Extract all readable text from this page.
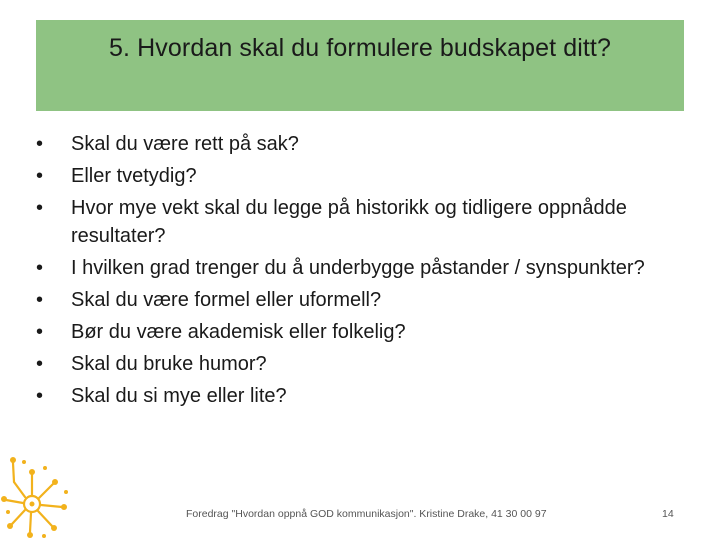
5. Hvordan skal du formulere budskapet ditt?
•	Skal du være rett på sak?
•	Eller tvetydig?
•	Hvor mye vekt skal du legge på historikk og tidligere oppnådde resultater?
•	I hvilken grad trenger du å underbygge påstander / synspunkter?
•	Skal du være formel eller uformell?
•	Bør du være akademisk eller folkelig?
•	Skal du bruke humor?
•	Skal du si mye eller lite?
Foredrag "Hvordan oppnå GOD kommunikasjon". Kristine Drake, 41 30 00 97	14
